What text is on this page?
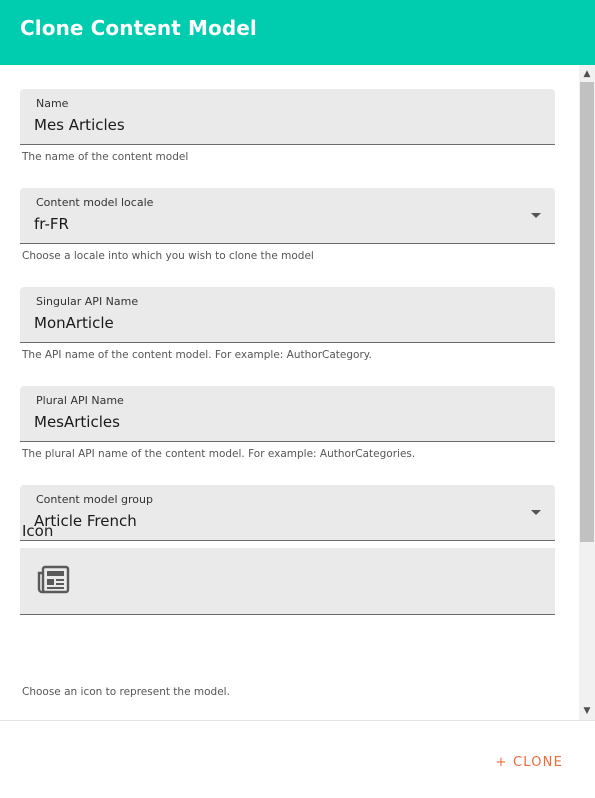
Clone Content Model
Name
Mes Articles
The name of the content model
Content model locale
fr-FR
Choose a locale into which you wish to clone the model
Singular API Name
MonArticle
The API name of the content model. For example: AuthorCategory.
Plural API Name
MesArticles
The plural API name of the content model. For example: AuthorCategories.
Content model group
Article French
Icon
Choose an icon to represent the model.
▲
▼
+ CLONE
